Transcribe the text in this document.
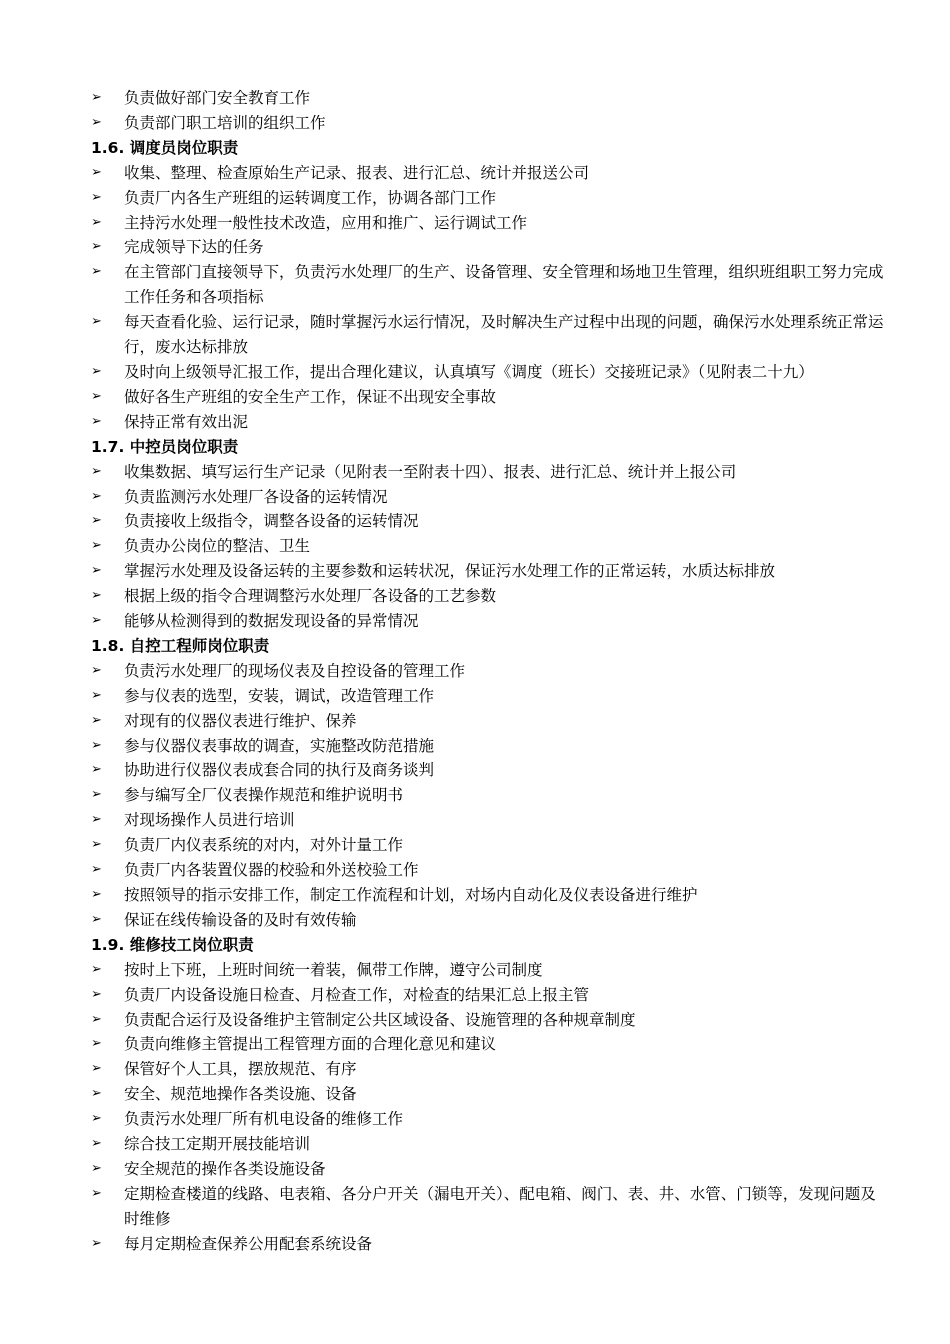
➢	负责做好部门安全教育工作
➢	负责部门职工培训的组织工作
1.6. 调度员岗位职责
➢	收集、整理、检查原始生产记录、报表、进行汇总、统计并报送公司
➢	负责厂内各生产班组的运转调度工作，协调各部门工作
➢	主持污水处理一般性技术改造，应用和推广、运行调试工作
➢	完成领导下达的任务
➢	在主管部门直接领导下，负责污水处理厂的生产、设备管理、安全管理和场地卫生管理，组织班组职工努力完成工作任务和各项指标
➢	每天查看化验、运行记录，随时掌握污水运行情况，及时解决生产过程中出现的问题，确保污水处理系统正常运行，废水达标排放
➢	及时向上级领导汇报工作，提出合理化建议，认真填写《调度（班长）交接班记录》（见附表二十九）
➢	做好各生产班组的安全生产工作，保证不出现安全事故
➢	保持正常有效出泥
1.7. 中控员岗位职责
➢	收集数据、填写运行生产记录（见附表一至附表十四）、报表、进行汇总、统计并上报公司
➢	负责监测污水处理厂各设备的运转情况
➢	负责接收上级指令，调整各设备的运转情况
➢	负责办公岗位的整洁、卫生
➢	掌握污水处理及设备运转的主要参数和运转状况，保证污水处理工作的正常运转，水质达标排放
➢	根据上级的指令合理调整污水处理厂各设备的工艺参数
➢	能够从检测得到的数据发现设备的异常情况
1.8. 自控工程师岗位职责
➢	负责污水处理厂的现场仪表及自控设备的管理工作
➢	参与仪表的选型，安装，调试，改造管理工作
➢	对现有的仪器仪表进行维护、保养
➢	参与仪器仪表事故的调查，实施整改防范措施
➢	协助进行仪器仪表成套合同的执行及商务谈判
➢	参与编写全厂仪表操作规范和维护说明书
➢	对现场操作人员进行培训
➢	负责厂内仪表系统的对内，对外计量工作
➢	负责厂内各装置仪器的校验和外送校验工作
➢	按照领导的指示安排工作，制定工作流程和计划，对场内自动化及仪表设备进行维护
➢	保证在线传输设备的及时有效传输
1.9. 维修技工岗位职责
➢	按时上下班，上班时间统一着装，佩带工作牌，遵守公司制度
➢	负责厂内设备设施日检查、月检查工作，对检查的结果汇总上报主管
➢	负责配合运行及设备维护主管制定公共区域设备、设施管理的各种规章制度
➢	负责向维修主管提出工程管理方面的合理化意见和建议
➢	保管好个人工具，摆放规范、有序
➢	安全、规范地操作各类设施、设备
➢	负责污水处理厂所有机电设备的维修工作
➢	综合技工定期开展技能培训
➢	安全规范的操作各类设施设备
➢	定期检查楼道的线路、电表箱、各分户开关（漏电开关）、配电箱、阀门、表、井、水管、门锁等，发现问题及时维修
➢	每月定期检查保养公用配套系统设备
